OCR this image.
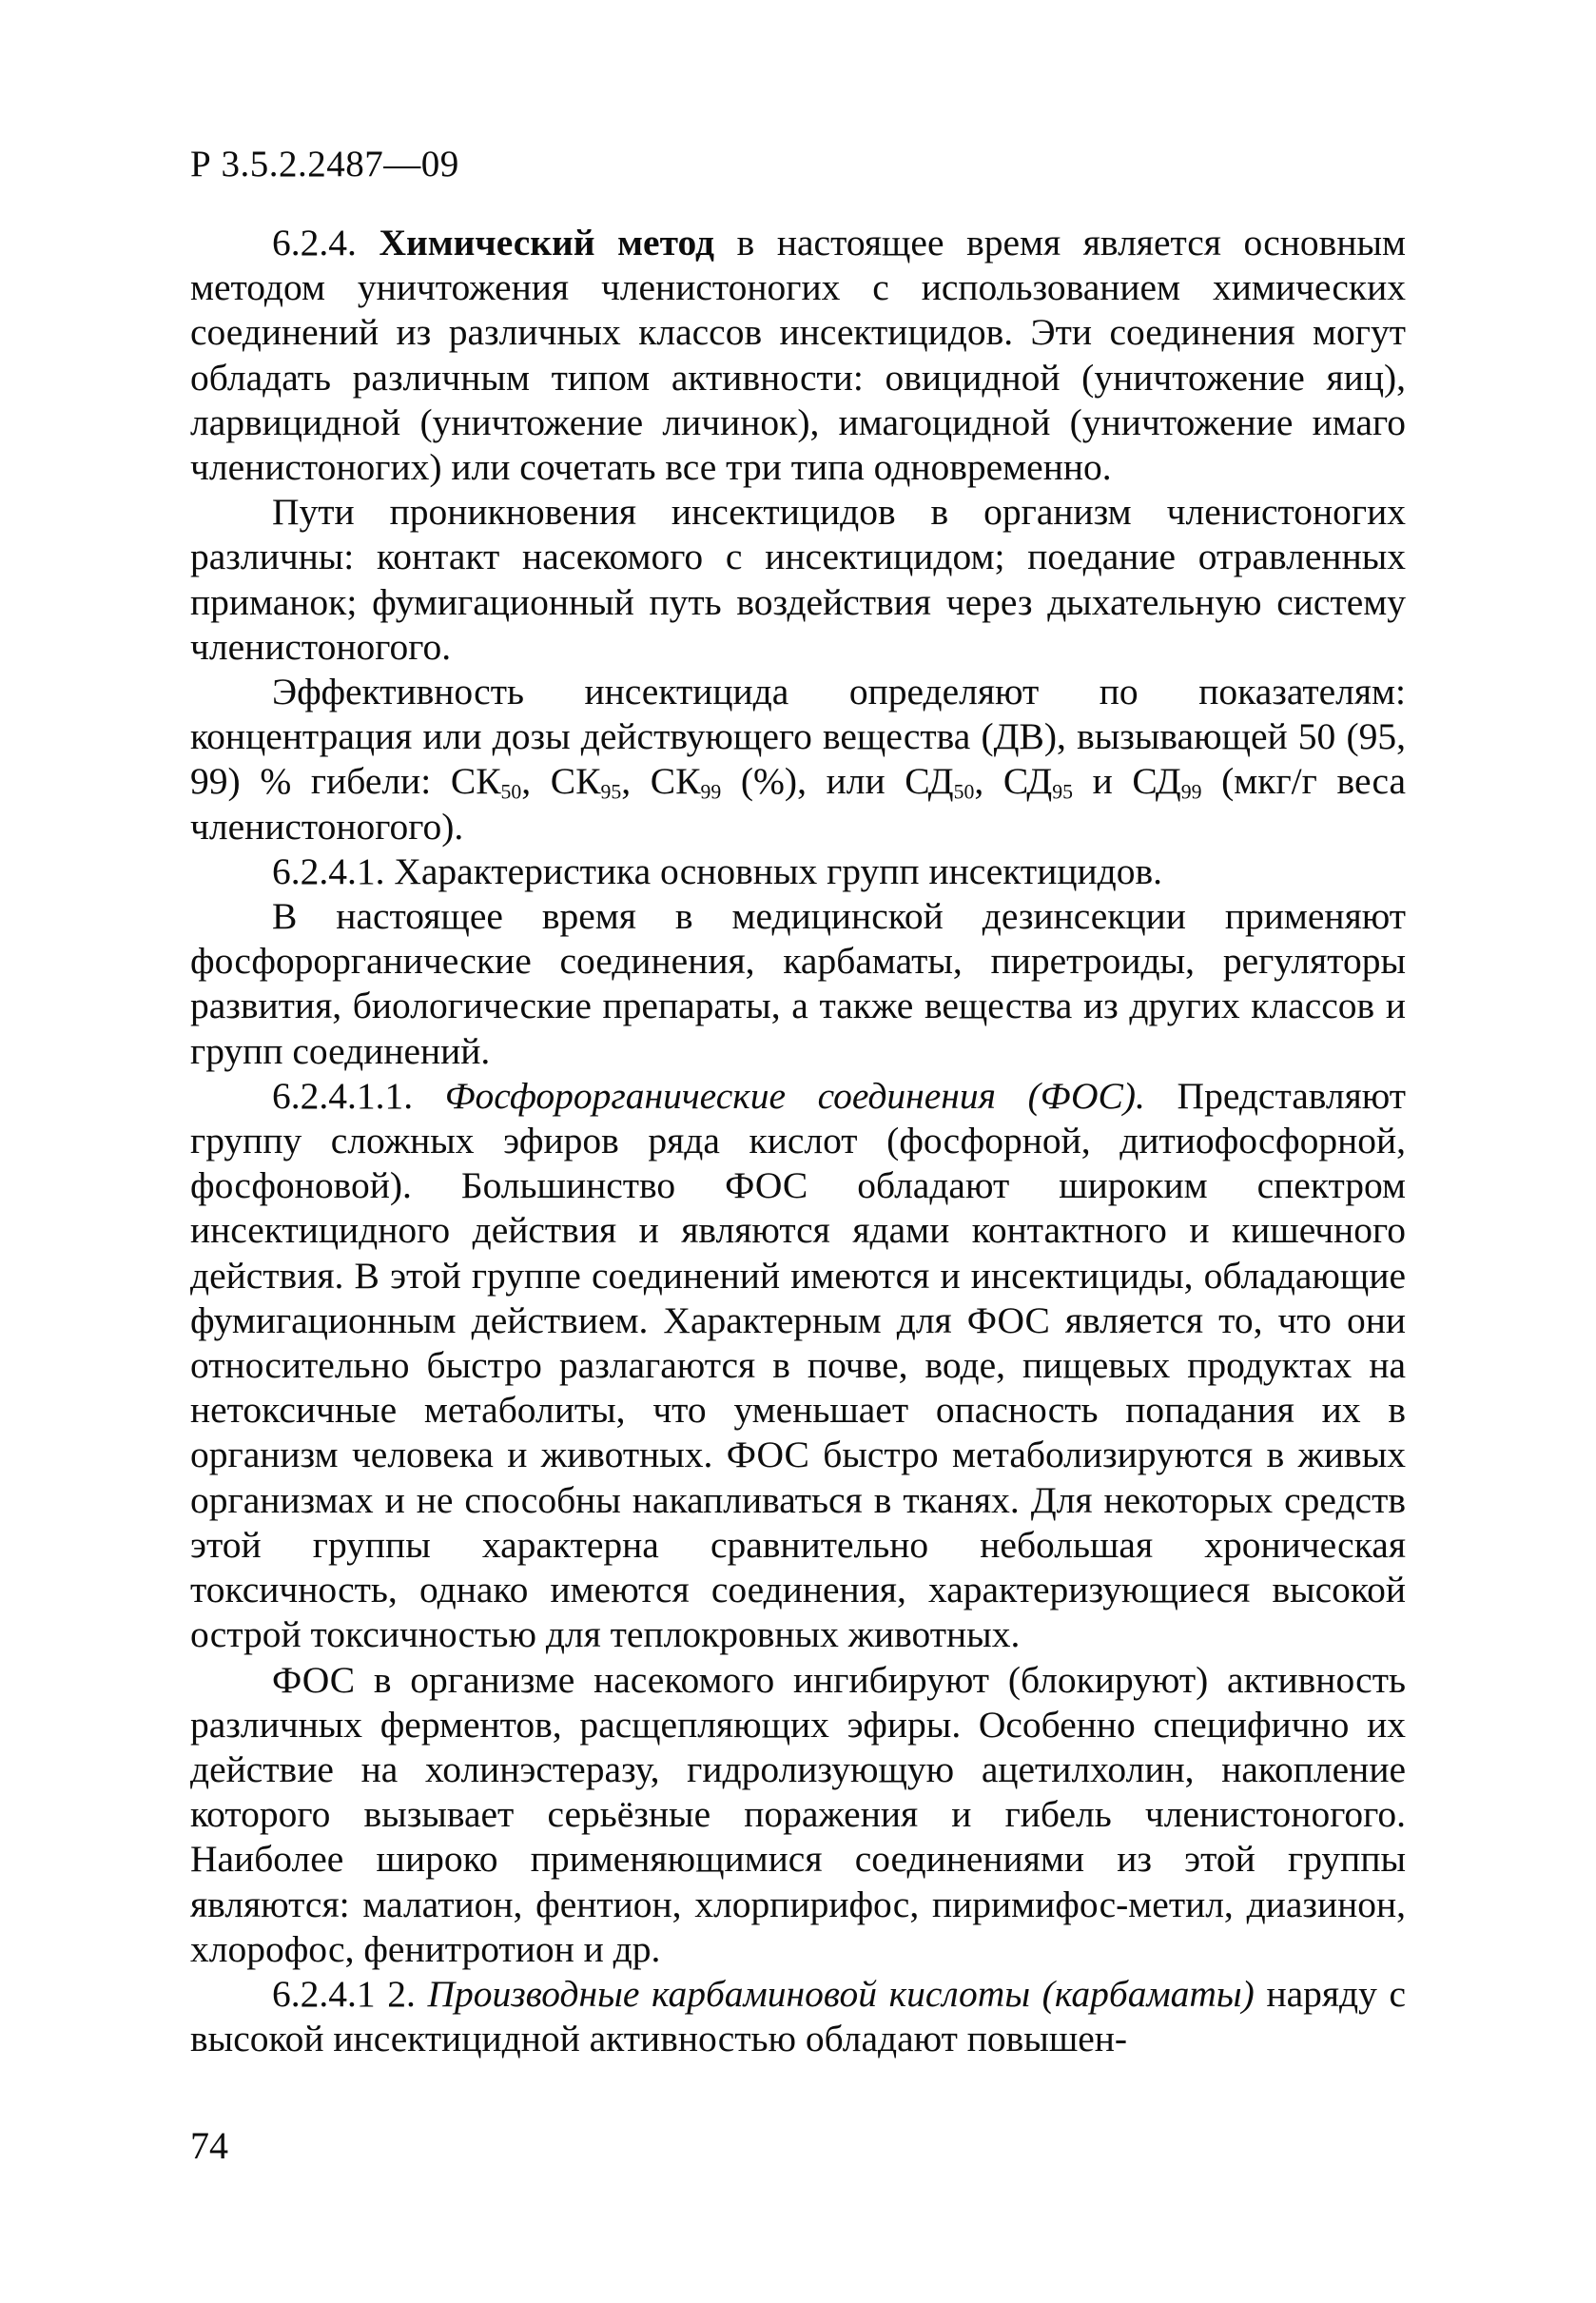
Р 3.5.2.2487—09

6.2.4. Химический метод в настоящее время является основным методом уничтожения членистоногих с использованием химических соединений из различных классов инсектицидов. Эти соединения могут обладать различным типом активности: овицидной (уничтожение яиц), ларвицидной (уничтожение личинок), имагоцидной (уничтожение имаго членистоногих) или сочетать все три типа одновременно.

Пути проникновения инсектицидов в организм членистоногих различны: контакт насекомого с инсектицидом; поедание отравленных приманок; фумигационный путь воздействия через дыхательную систему членистоногого.

Эффективность инсектицида определяют по показателям: концентрация или дозы действующего вещества (ДВ), вызывающей 50 (95, 99) % гибели: $СК_{50}$, $СК_{95}$, $СК_{99}$ (%), или $СД_{50}$, $СД_{95}$ и $СД_{99}$ (мкг/г веса членистоногого).

6.2.4.1. Характеристика основных групп инсектицидов.

В настоящее время в медицинской дезинсекции применяют фосфорорганические соединения, карбаматы, пиретроиды, регуляторы развития, биологические препараты, а также вещества из других классов и групп соединений.

6.2.4.1.1. Фосфорорганические соединения (ФОС). Представляют группу сложных эфиров ряда кислот (фосфорной, дитиофосфорной, фосфоновой). Большинство ФОС обладают широким спектром инсектицидного действия и являются ядами контактного и кишечного действия. В этой группе соединений имеются и инсектициды, обладающие фумигационным действием. Характерным для ФОС является то, что они относительно быстро разлагаются в почве, воде, пищевых продуктах на нетоксичные метаболиты, что уменьшает опасность попадания их в организм человека и животных. ФОС быстро метаболизируются в живых организмах и не способны накапливаться в тканях. Для некоторых средств этой группы характерна сравнительно небольшая хроническая токсичность, однако имеются соединения, характеризующиеся высокой острой токсичностью для теплокровных животных.

ФОС в организме насекомого ингибируют (блокируют) активность различных ферментов, расщепляющих эфиры. Особенно специфично их действие на холинэстеразу, гидролизующую ацетилхолин, накопление которого вызывает серьёзные поражения и гибель членистоногого. Наиболее широко применяющимися соединениями из этой группы являются: малатион, фентион, хлорпирифос, пиримифос-метил, диазинон, хлорофос, фенитротион и др.

6.2.4.1 2. Производные карбаминовой кислоты (карбаматы) наряду с высокой инсектицидной активностью обладают повышен-

74
